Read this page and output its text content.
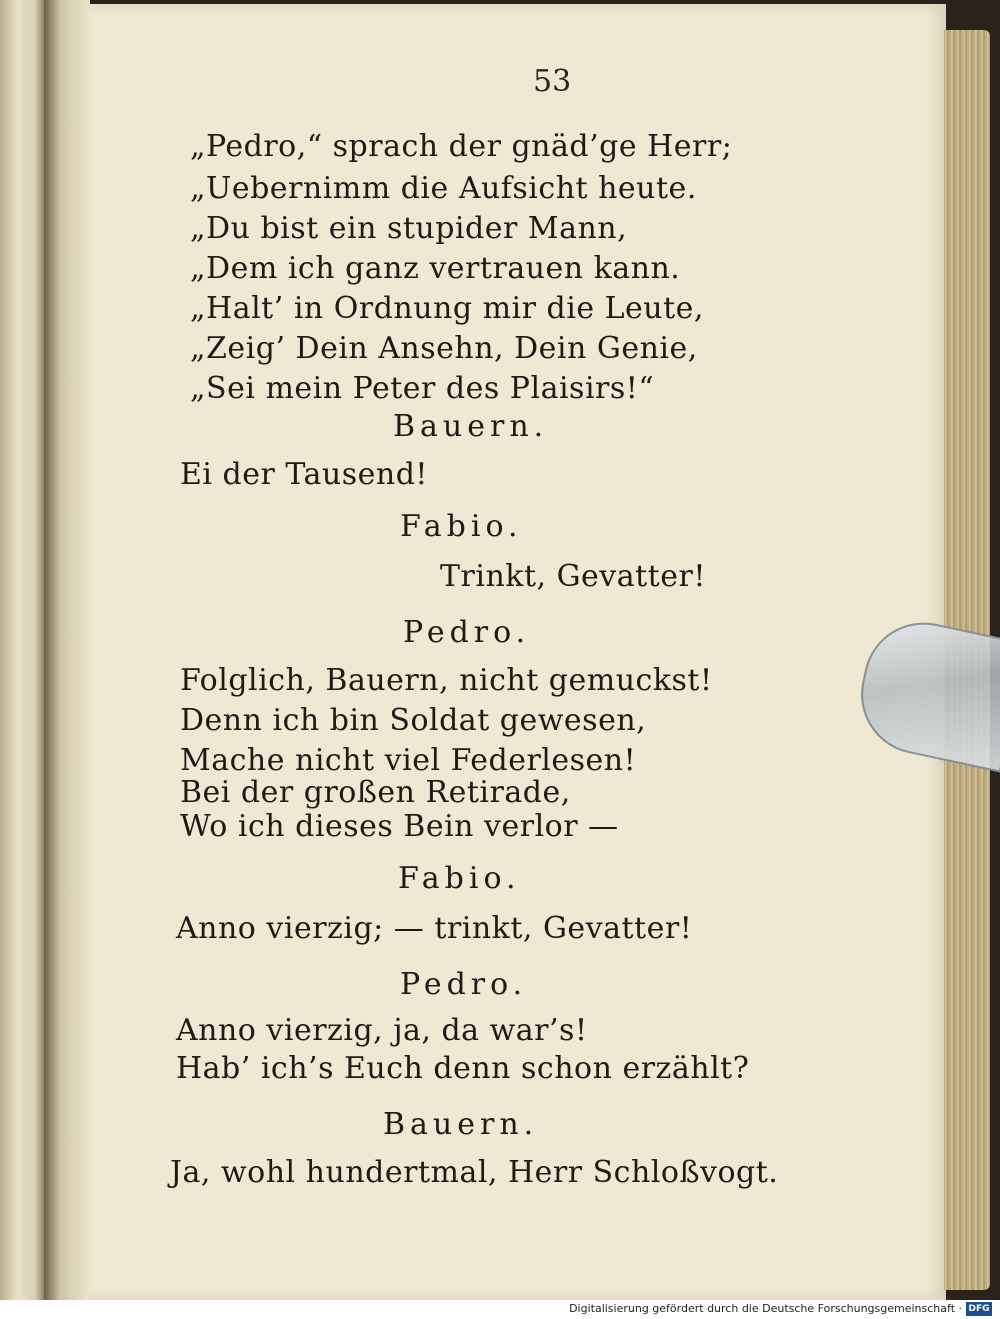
53
„Pedro,“ sprach der gnäd’ge Herr;
„Uebernimm die Aufsicht heute.
„Du bist ein stupider Mann,
„Dem ich ganz vertrauen kann.
„Halt’ in Ordnung mir die Leute,
„Zeig’ Dein Ansehn, Dein Genie,
„Sei mein Peter des Plaisirs!“
Bauern.
Ei der Tausend!
Fabio.
Trinkt, Gevatter!
Pedro.
Folglich, Bauern, nicht gemuckst!
Denn ich bin Soldat gewesen,
Mache nicht viel Federlesen!
Bei der großen Retirade,
Wo ich dieses Bein verlor —
Fabio.
Anno vierzig; — trinkt, Gevatter!
Pedro.
Anno vierzig, ja, da war’s!
Hab’ ich’s Euch denn schon erzählt?
Bauern.
Ja, wohl hundertmal, Herr Schloßvogt.
Digitalisierung gefördert durch die Deutsche Forschungsgemeinschaft · DFG
